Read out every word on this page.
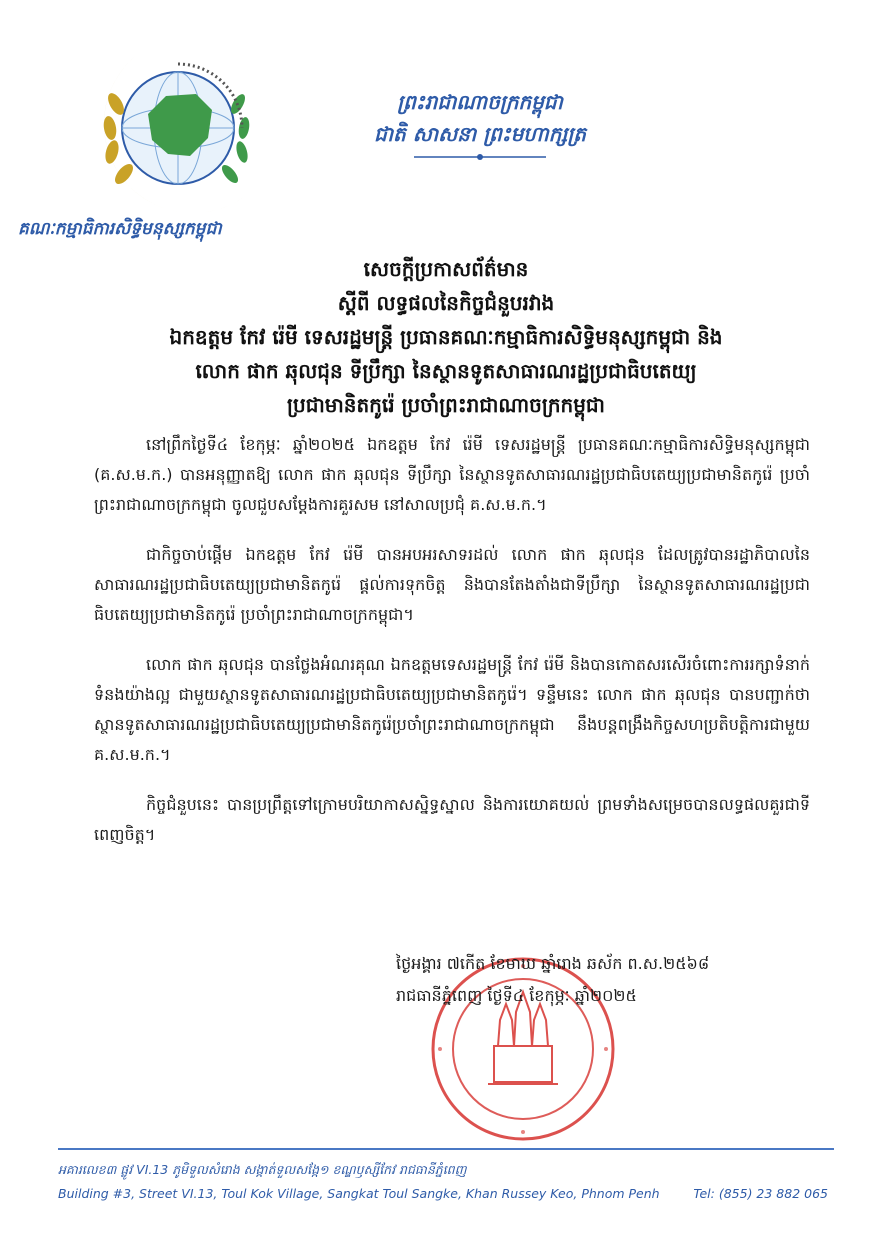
គណៈកម្មាធិការសិទ្ធិមនុស្សកម្ពុជា
ព្រះរាជាណាចក្រកម្ពុជា
ជាតិ សាសនា ព្រះមហាក្សត្រ
សេចក្តីប្រកាសព័ត៌មាន
ស្តីពី លទ្ធផលនៃកិច្ចជំនួបរវាង
ឯកឧត្តម កែវ រ៉េមី ទេសរដ្ឋមន្ត្រី ប្រធានគណៈកម្មាធិការសិទ្ធិមនុស្សកម្ពុជា និង
លោក ផាក ឆុលជុន ទីប្រឹក្សា នៃស្ថានទូតសាធារណរដ្ឋប្រជាធិបតេយ្យ
ប្រជាមានិតកូរ៉េ ប្រចាំព្រះរាជាណាចក្រកម្ពុជា

នៅព្រឹកថ្ងៃទី៤ ខែកុម្ភៈ ឆ្នាំ២០២៥ ឯកឧត្តម កែវ រ៉េមី ទេសរដ្ឋមន្ត្រី ប្រធានគណៈកម្មាធិការសិទ្ធិមនុស្សកម្ពុជា (គ.ស.ម.ក.) បានអនុញ្ញាតឱ្យ លោក ផាក ឆុលជុន ទីប្រឹក្សា នៃស្ថានទូតសាធារណរដ្ឋប្រជាធិបតេយ្យប្រជាមានិតកូរ៉េ ប្រចាំព្រះរាជាណាចក្រកម្ពុជា ចូលជួបសម្តែងការគួរសម នៅសាលប្រជុំ គ.ស.ម.ក.។

ជាកិច្ចចាប់ផ្តើម ឯកឧត្តម កែវ រ៉េមី បានអបអរសាទរដល់ លោក ផាក ឆុលជុន ដែលត្រូវបានរដ្ឋាភិបាលនៃសាធារណរដ្ឋប្រជាធិបតេយ្យប្រជាមានិតកូរ៉េ ផ្តល់ការទុកចិត្ត និងបានតែងតាំងជាទីប្រឹក្សា នៃស្ថានទូតសាធារណរដ្ឋប្រជាធិបតេយ្យប្រជាមានិតកូរ៉េ ប្រចាំព្រះរាជាណាចក្រកម្ពុជា។

លោក ផាក ឆុលជុន បានថ្លែងអំណរគុណ ឯកឧត្តមទេសរដ្ឋមន្ត្រី កែវ រ៉េមី និងបានកោតសរសើរចំពោះការរក្សាទំនាក់ទំនងយ៉ាងល្អ ជាមួយស្ថានទូតសាធារណរដ្ឋប្រជាធិបតេយ្យប្រជាមានិតកូរ៉េ។ ទន្ទឹមនេះ លោក ផាក ឆុលជុន បានបញ្ជាក់ថាស្ថានទូតសាធារណរដ្ឋប្រជាធិបតេយ្យប្រជាមានិតកូរ៉េប្រចាំព្រះរាជាណាចក្រកម្ពុជា នឹងបន្តពង្រឹងកិច្ចសហប្រតិបត្តិការជាមួយ គ.ស.ម.ក.។

កិច្ចជំនួបនេះ បានប្រព្រឹត្តទៅក្រោមបរិយាកាសស្និទ្ធស្នាល និងការយោគយល់ ព្រមទាំងសម្រេចបានលទ្ធផលគួរជាទីពេញចិត្ត។

ថ្ងៃអង្គារ ៧កើត ខែមាឃ ឆ្នាំរោង ឆស័ក ព.ស.២៥៦៨
រាជធានីភ្នំពេញ ថ្ងៃទី៤ ខែកុម្ភៈ ឆ្នាំ២០២៥
អគារលេខ៣ ផ្លូវ VI.13 ភូមិទួលសំរោង សង្កាត់ទួលសង្កែ១ ខណ្ឌឫស្សីកែវ រាជធានីភ្នំពេញ
Building #3, Street VI.13, Toul Kok Village, Sangkat Toul Sangke, Khan Russey Keo, Phnom Penh	Tel: (855) 23 882 065
